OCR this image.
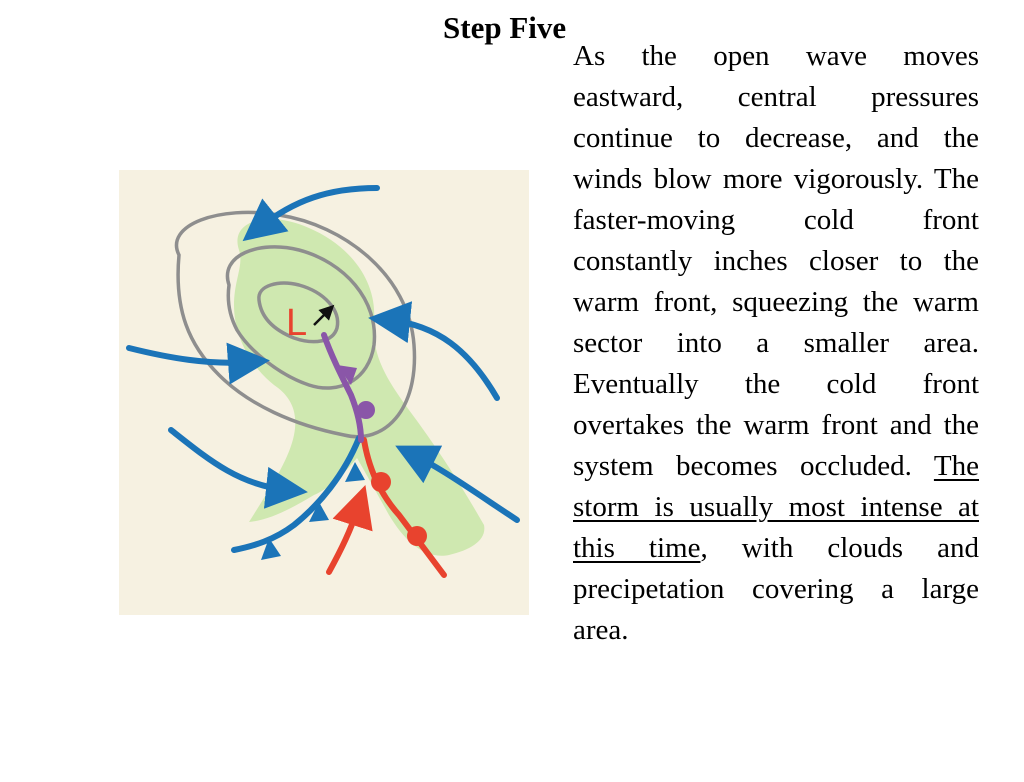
Step Five
As the open wave moves eastward, central pressures continue to decrease, and the winds blow more vigorously. The faster-moving cold front constantly inches closer to the warm front, squeezing the warm sector into a smaller area. Eventually the cold front overtakes the warm front and the system becomes occluded. The storm is usually most intense at this time, with clouds and precipetation covering a large area.
L
©2010 Brooks/Cole, Cengage Learning
a division of Cengage Learning, Inc.
